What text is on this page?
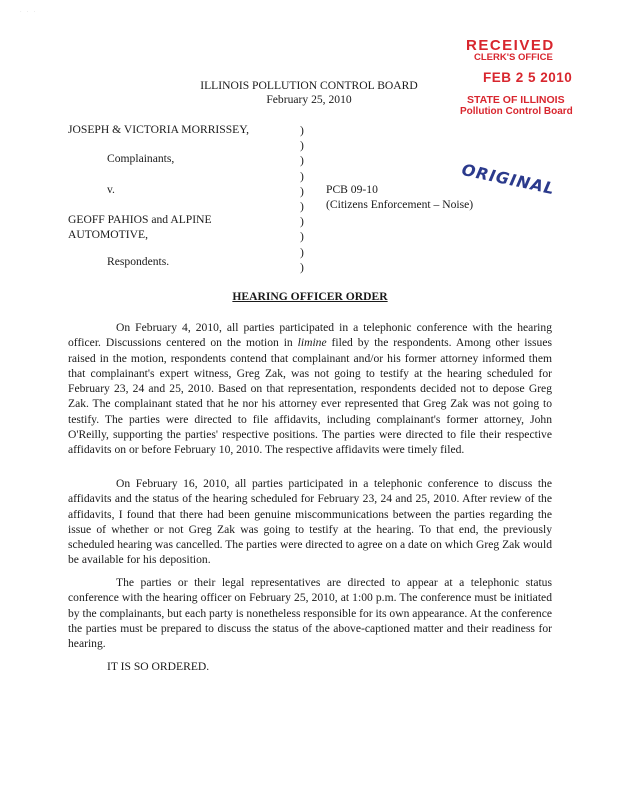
· · ·
RECEIVED
CLERK'S OFFICE
FEB 2 5 2010
STATE OF ILLINOIS
Pollution Control Board
ORIGINAL
ILLINOIS POLLUTION CONTROL BOARD
February 25, 2010
JOSEPH & VICTORIA MORRISSEY,
Complainants,
v.
GEOFF PAHIOS and ALPINE
AUTOMOTIVE,
Respondents.
)
)
)
)
)
)
)
)
)
)
PCB 09-10
(Citizens Enforcement – Noise)
HEARING OFFICER ORDER

On February 4, 2010, all parties participated in a telephonic conference with the hearing officer. Discussions centered on the motion in limine filed by the respondents. Among other issues raised in the motion, respondents contend that complainant and/or his former attorney informed them that complainant's expert witness, Greg Zak, was not going to testify at the hearing scheduled for February 23, 24 and 25, 2010. Based on that representation, respondents decided not to depose Greg Zak. The complainant stated that he nor his attorney ever represented that Greg Zak was not going to testify. The parties were directed to file affidavits, including complainant's former attorney, John O'Reilly, supporting the parties' respective positions. The parties were directed to file their respective affidavits on or before February 10, 2010. The respective affidavits were timely filed.

On February 16, 2010, all parties participated in a telephonic conference to discuss the affidavits and the status of the hearing scheduled for February 23, 24 and 25, 2010. After review of the affidavits, I found that there had been genuine miscommunications between the parties regarding the issue of whether or not Greg Zak was going to testify at the hearing. To that end, the previously scheduled hearing was cancelled. The parties were directed to agree on a date on which Greg Zak would be available for his deposition.

The parties or their legal representatives are directed to appear at a telephonic status conference with the hearing officer on February 25, 2010, at 1:00 p.m. The conference must be initiated by the complainants, but each party is nonetheless responsible for its own appearance. At the conference the parties must be prepared to discuss the status of the above-captioned matter and their readiness for hearing.

IT IS SO ORDERED.
